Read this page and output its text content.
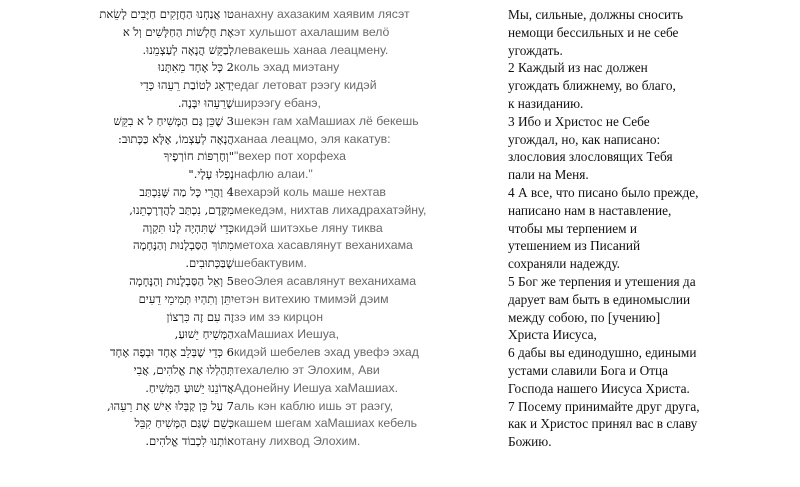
טו אֲנַחְנוּ הַחֲזָקִים חַיָּבִים לָשֵׂאת
אֶת חֻלְשׁוֹת הַחַלָּשִׁים וְלֹ א
לְבַקֵּשׁ הֲנָאָה לְעַצְמֵנוּ.
2 כָּל אֶחָד מֵאִתָּנוּ
יְדַאֵג לְטוֹבַת רֵעֵהוּ כְּדֵי
שֶׁרֵעֵהוּ יִבָּנֶה.
3 שֶׁכֵּן גַּם הַמָּשִׁיחַ לֹ א בִקֵּשׁ
הֲנָאָה לְעַצְמוֹ, אֶלָּא כַּכָּתוּב:
"וְחֶרְפּוֹת חוֹרְפֶיךָ
נָפְלוּ עָלָי."
4 וַהֲרֵי כָּל מַה שֶּׁנִּכְתַּב
מִקֶּדֶם, נִכְתַּב לַהֲדְרָכָתֵנוּ,
כְּדֵי שֶׁתִּהְיֶה לָנוּ תִּקְוָה
מִתּוֹךְ הַסַּבְלָנוּת וְהַנֶּחָמָה
שֶׁבַּכְּתוּבִים.
5 וְאֵל הַסַּבְלָנוּת וְהַנֶּחָמָה
יִתֵּן וְתִהְיוּ תְּמִימֵי דֵעִים
זֶה עִם זֶה כִּרְצוֹן
הַמָּשִׁיחַ יֵשׁוּעַ,
6 כְּדֵי שֶׁבְּלֵב אֶחָד וּבְפֶה אֶחָד
תְּהַלְלוּ אֶת אֱלֹהִים, אֲבִי
אֲדוֹנֵנוּ יֵשׁוּעַ הַמָּשִׁיחַ.
7 עַל כֵּן קַבְּלוּ אִישׁ אֶת רֵעֵהוּ,
כְּשֵׁם שֶׁגַּם הַמָּשִׁיחַ קִבֵּל
אוֹתְנוּ לִכְבוֹד אֱלֹהִים.
анахну ахазаким хаявим лясэт
эт хульшот ахалашим велӧ
левакешь ханаа леацмену.
коль эхад миэтану
едаг летоват рээгу кидэй
ширээгу ебанэ,
шекэн гам хаМашиах лё бекешь
ханаа леацмо, эля какатув:
"вехер пот хорфеха
нафлю алаи."
вехарэй коль маше нехтав
мекедэм, нихтав лихадрахатэйну,
кидэй шитэхье ляну тиква
метоха хасавлянут веханихама
шебактувим.
веоЭлея асавлянут веханихама
етэн витехию тмимэй дэим
зэ им зэ кирцон
хаМашиах Иешуа,
кидэй шебелев эхад увефэ эхад
техалелю эт Элохим, Ави
Адонейну Иешуа хаМашиах.
аль кэн каблю ишь эт раэгу,
кашем шегам хаМашиах кебель
отану лихвод Элохим.
Мы, сильные, должны сносить
немощи бессильных и не себе
угождать.
2 Каждый из нас должен
угождать ближнему, во благо,
к назиданию.
3 Ибо и Христос не Себе
угождал, но, как написано:
злословия злословящих Тебя
пали на Меня.
4 А все, что писано было прежде,
написано нам в наставление,
чтобы мы терпением и
утешением из Писаний
сохраняли надежду.
5 Бог же терпения и утешения да
дарует вам быть в единомыслии
между собою, по [учению]
Христа Иисуса,
6 дабы вы единодушно, едиными
устами славили Бога и Отца
Господа нашего Иисуса Христа.
7 Посему принимайте друг друга,
как и Христос принял вас в славу
Божию.
